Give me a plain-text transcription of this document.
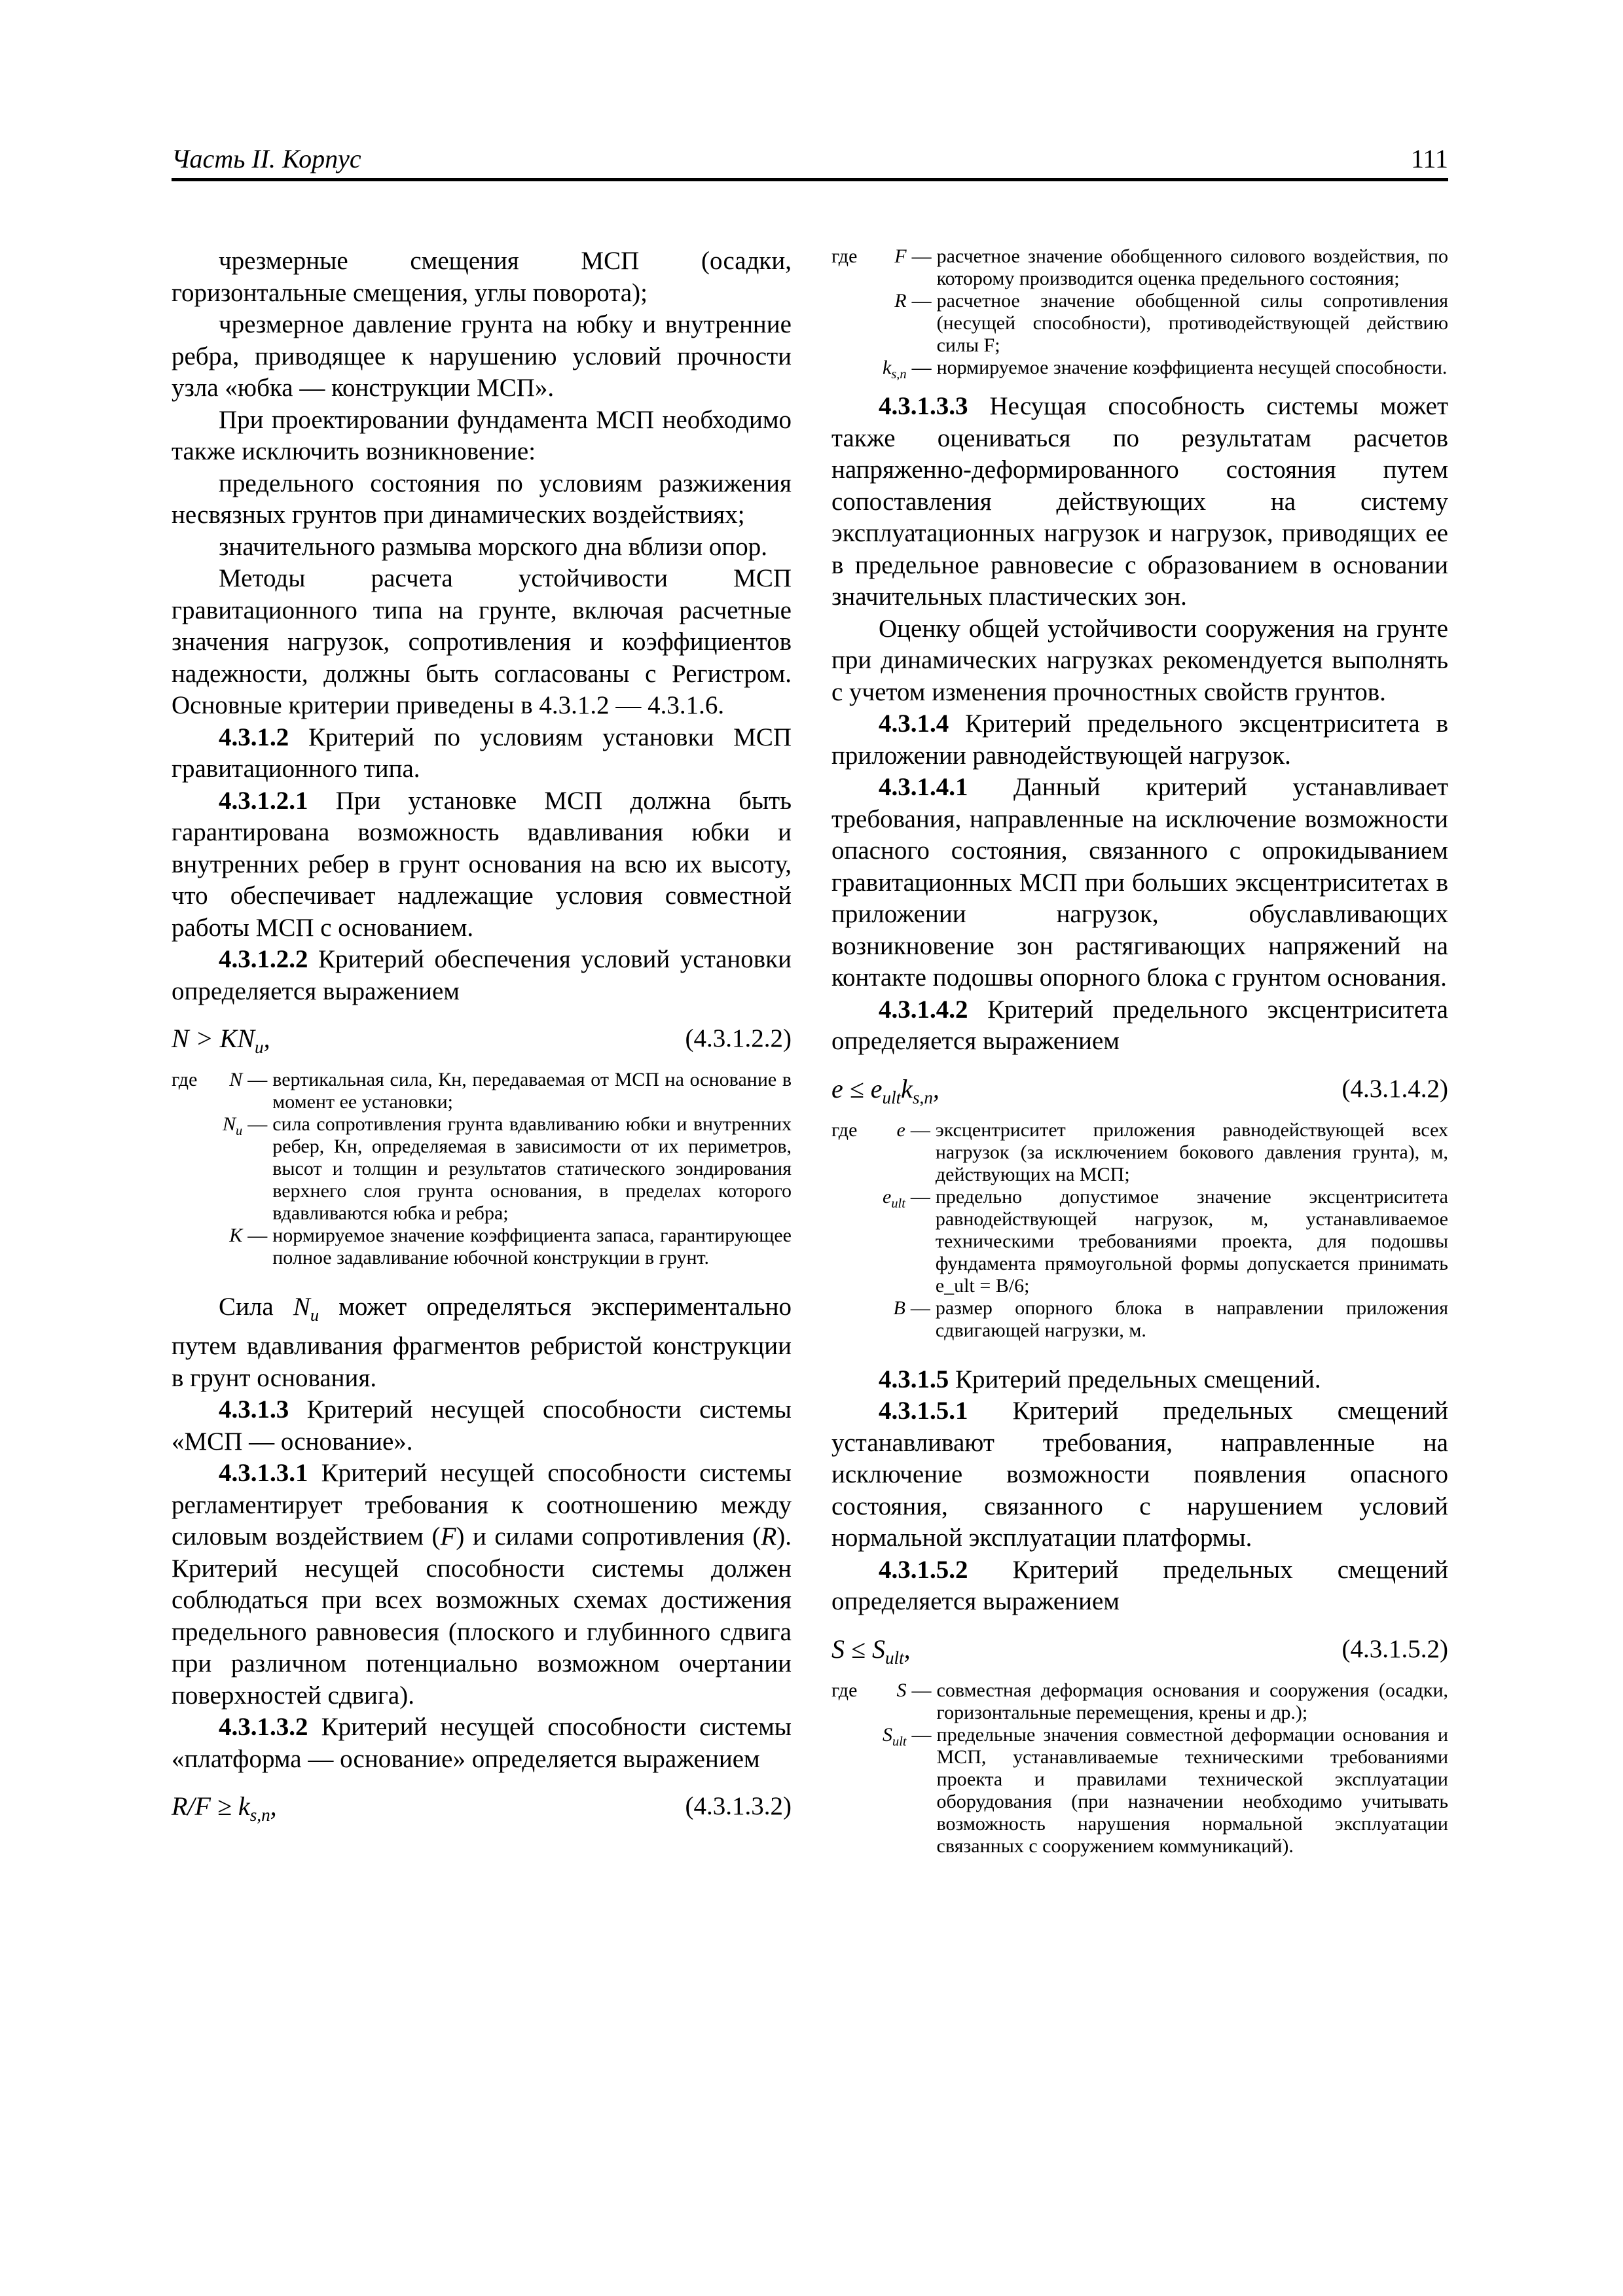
Часть II. Корпус	111

чрезмерные смещения МСП (осадки, горизонтальные смещения, углы поворота);

чрезмерное давление грунта на юбку и внутренние ребра, приводящее к нарушению условий прочности узла «юбка — конструкции МСП».

При проектировании фундамента МСП необходимо также исключить возникновение:

предельного состояния по условиям разжижения несвязных грунтов при динамических воздействиях;

значительного размыва морского дна вблизи опор.

Методы расчета устойчивости МСП гравитационного типа на грунте, включая расчетные значения нагрузок, сопротивления и коэффициентов надежности, должны быть согласованы с Регистром. Основные критерии приведены в 4.3.1.2 — 4.3.1.6.

4.3.1.2 Критерий по условиям установки МСП гравитационного типа.

4.3.1.2.1 При установке МСП должна быть гарантирована возможность вдавливания юбки и внутренних ребер в грунт основания на всю их высоту, что обеспечивает надлежащие условия совместной работы МСП с основанием.

4.3.1.2.2 Критерий обеспечения условий установки определяется выражением

$N > KN_u$,	(4.3.1.2.2)
где	N	—	вертикальная сила, Кн, передаваемая от МСП на основание в момент ее установки;
	$N_u$	—	сила сопротивления грунта вдавливанию юбки и внутренних ребер, Кн, определяемая в зависимости от их периметров, высот и толщин и результатов статического зондирования верхнего слоя грунта основания, в пределах которого вдавливаются юбка и ребра;
	K	—	нормируемое значение коэффициента запаса, гарантирующее полное задавливание юбочной конструкции в грунт.

Сила $N_u$ может определяться экспериментально путем вдавливания фрагментов ребристой конструкции в грунт основания.

4.3.1.3 Критерий несущей способности системы «МСП — основание».

4.3.1.3.1 Критерий несущей способности системы регламентирует требования к соотношению между силовым воздействием (F) и силами сопротивления (R). Критерий несущей способности системы должен соблюдаться при всех возможных схемах достижения предельного равновесия (плоского и глубинного сдвига при различном потенциально возможном очертании поверхностей сдвига).

4.3.1.3.2 Критерий несущей способности системы «платформа — основание» определяется выражением

$R/F \ge k_{s,n}$,	(4.3.1.3.2)
где	F	—	расчетное значение обобщенного силового воздействия, по которому производится оценка предельного состояния;
	R	—	расчетное значение обобщенной силы сопротивления (несущей способности), противодействующей действию силы F;
	$k_{s,n}$	—	нормируемое значение коэффициента несущей способности.

4.3.1.3.3 Несущая способность системы может также оцениваться по результатам расчетов напряженно-деформированного состояния путем сопоставления действующих на систему эксплуатационных нагрузок и нагрузок, приводящих ее в предельное равновесие с образованием в основании значительных пластических зон.

Оценку общей устойчивости сооружения на грунте при динамических нагрузках рекомендуется выполнять с учетом изменения прочностных свойств грунтов.

4.3.1.4 Критерий предельного эксцентриситета в приложении равнодействующей нагрузок.

4.3.1.4.1 Данный критерий устанавливает требования, направленные на исключение возможности опасного состояния, связанного с опрокидыванием гравитационных МСП при больших эксцентриситетах в приложении нагрузок, обуславливающих возникновение зон растягивающих напряжений на контакте подошвы опорного блока с грунтом основания.

4.3.1.4.2 Критерий предельного эксцентриситета определяется выражением

$e \le e_{ult}k_{s,n}$,	(4.3.1.4.2)
где	e	—	эксцентриситет приложения равнодействующей всех нагрузок (за исключением бокового давления грунта), м, действующих на МСП;
	$e_{ult}$	—	предельно допустимое значение эксцентриситета равнодействующей нагрузок, м, устанавливаемое техническими требованиями проекта, для подошвы фундамента прямоугольной формы допускается принимать e_ult = B/6;
	B	—	размер опорного блока в направлении приложения сдвигающей нагрузки, м.

4.3.1.5 Критерий предельных смещений.

4.3.1.5.1 Критерий предельных смещений устанавливают требования, направленные на исключение возможности появления опасного состояния, связанного с нарушением условий нормальной эксплуатации платформы.

4.3.1.5.2 Критерий предельных смещений определяется выражением

$S \le S_{ult}$,	(4.3.1.5.2)
где	S	—	совместная деформация основания и сооружения (осадки, горизонтальные перемещения, крены и др.);
	$S_{ult}$	—	предельные значения совместной деформации основания и МСП, устанавливаемые техническими требованиями проекта и правилами технической эксплуатации оборудования (при назначении необходимо учитывать возможность нарушения нормальной эксплуатации связанных с сооружением коммуникаций).
